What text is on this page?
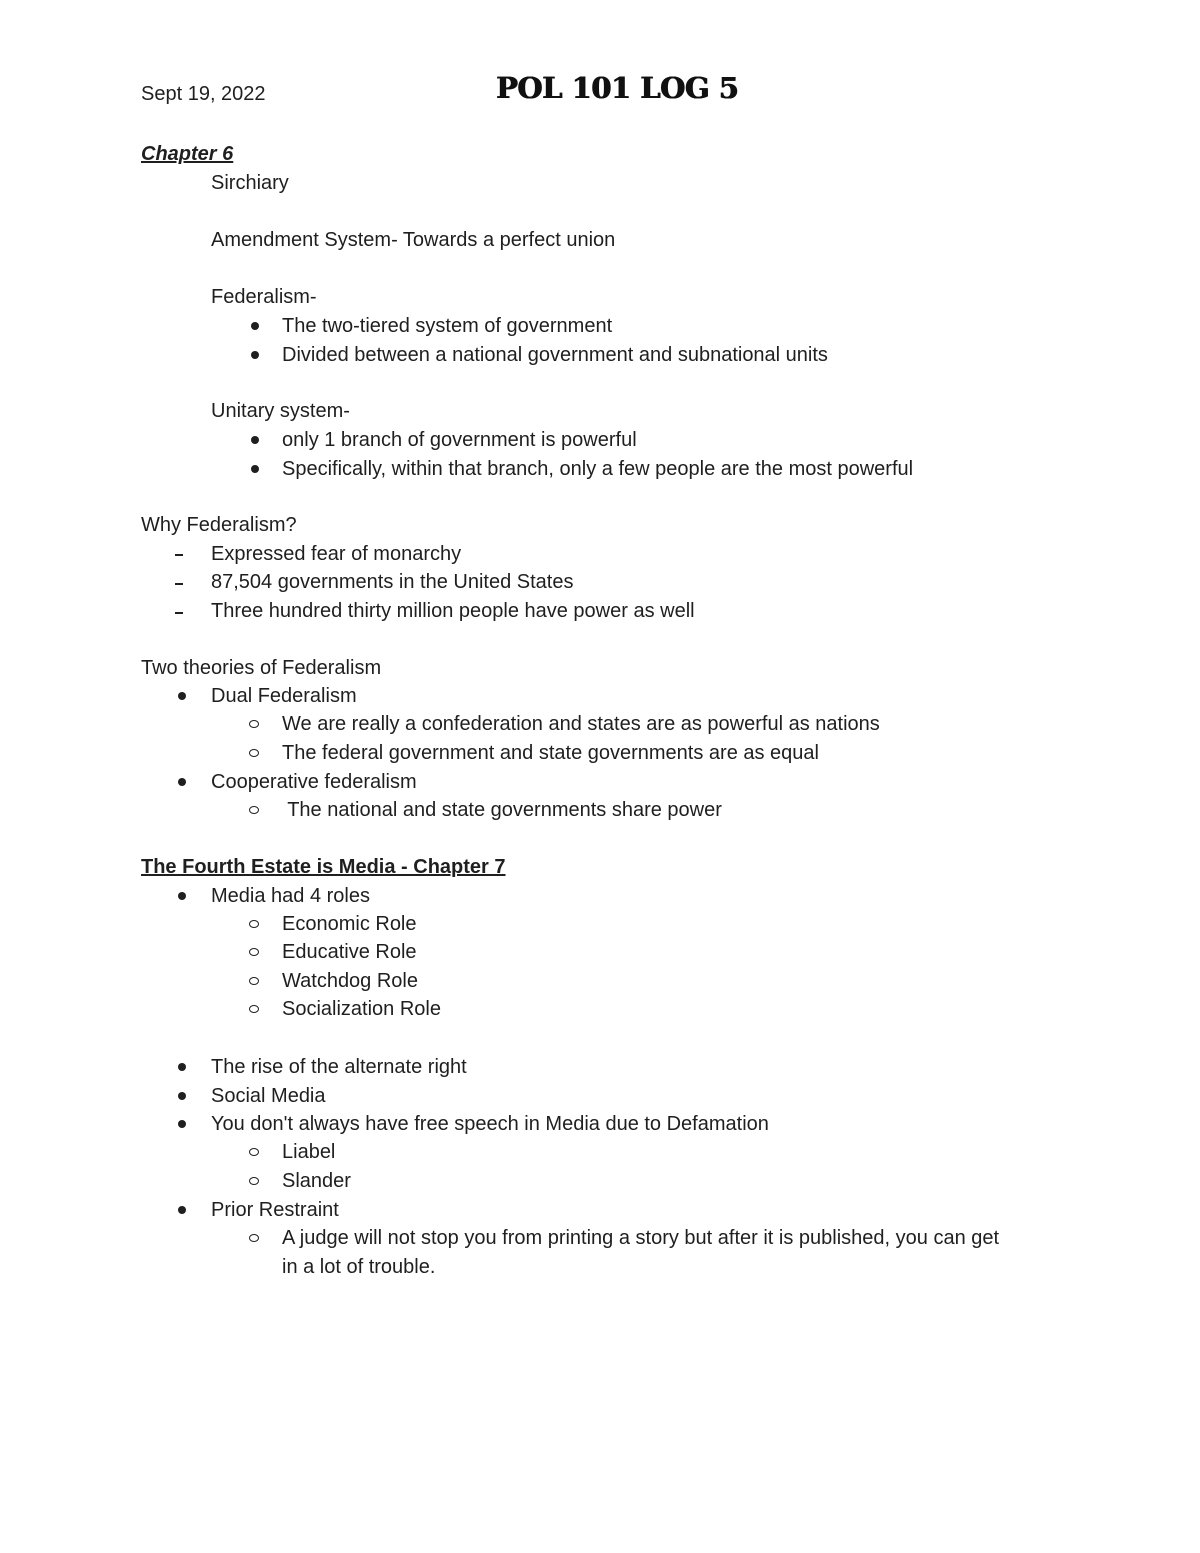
Sept 19, 2022	POL 101 LOG 5
Chapter 6
Sirchiary
Amendment System- Towards a perfect union
Federalism-
The two-tiered system of government
Divided between a national government and subnational units
Unitary system-
only 1 branch of government is powerful
Specifically, within that branch, only a few people are the most powerful
Why Federalism?
Expressed fear of monarchy
87,504 governments in the United States
Three hundred thirty million people have power as well
Two theories of Federalism
Dual Federalism
We are really a confederation and states are as powerful as nations
The federal government and state governments are as equal
Cooperative federalism
The national and state governments share power
The Fourth Estate is Media - Chapter 7
Media had 4 roles
Economic Role
Educative Role
Watchdog Role
Socialization Role
The rise of the alternate right
Social Media
You don't always have free speech in Media due to Defamation
Liabel
Slander
Prior Restraint
A judge will not stop you from printing a story but after it is published, you can get
in a lot of trouble.
